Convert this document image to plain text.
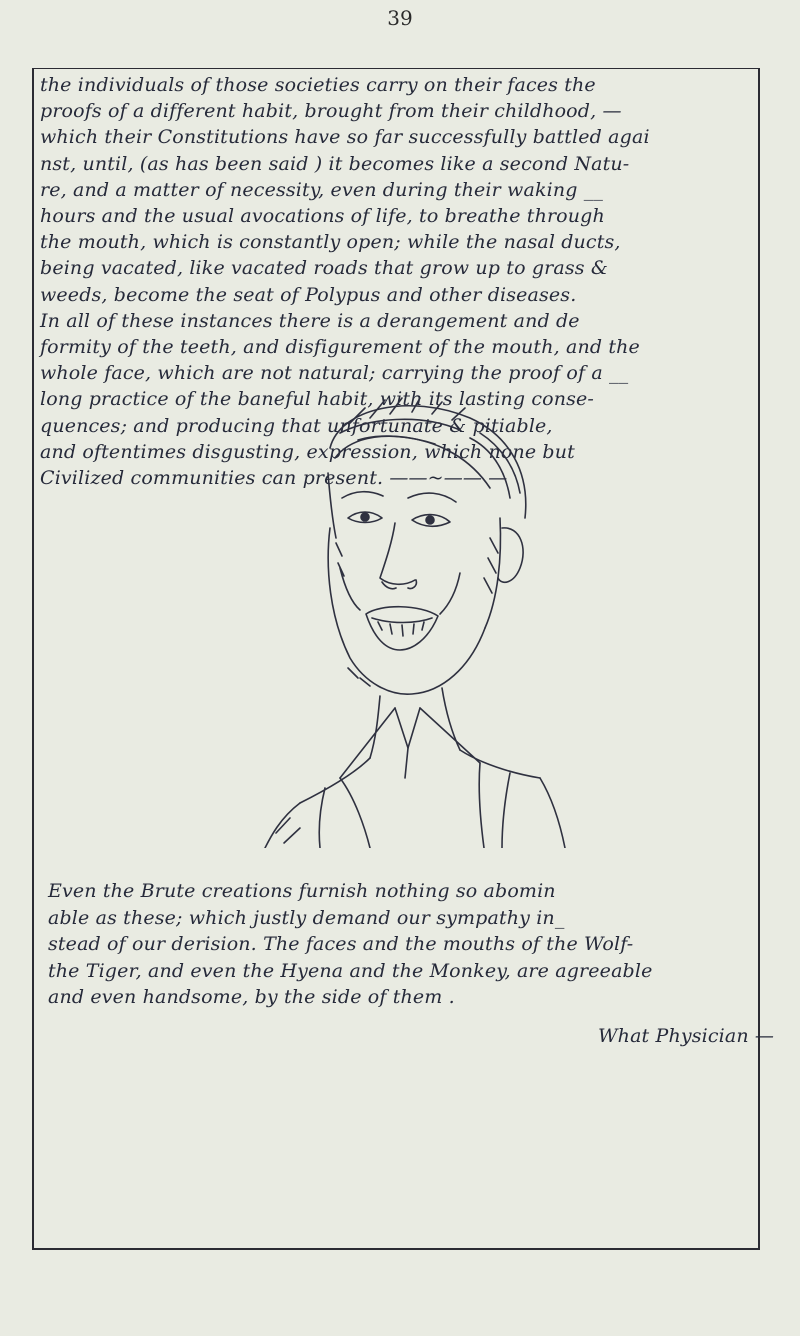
39
the individuals of those societies carry on their faces the
proofs of a different habit, brought from their childhood, —
which their Constitutions have so far successfully battled agai
nst, until, (as has been said ) it becomes like a second Natu-
re, and a matter of necessity, even during their waking __
hours and the usual avocations of life, to breathe through
the mouth, which is constantly open; while the nasal ducts,
being vacated, like vacated roads that grow up to grass &
weeds, become the seat of Polypus and other diseases.
In all of these instances there is a derangement and de
formity of the teeth, and disfigurement of the mouth, and the
whole face, which are not natural; carrying the proof of a __
long practice of the baneful habit, with its lasting conse-
quences; and producing that unfortunate & pitiable,
and oftentimes disgusting, expression, which none but
Civilized communities can present. ——~—— —
Even the Brute creations furnish nothing so abomin
able as these; which justly demand our sympathy in_
stead of our derision. The faces and the mouths of the Wolf-
the Tiger, and even the Hyena and the Monkey, are agreeable
and even handsome, by the side of them .
What Physician —
